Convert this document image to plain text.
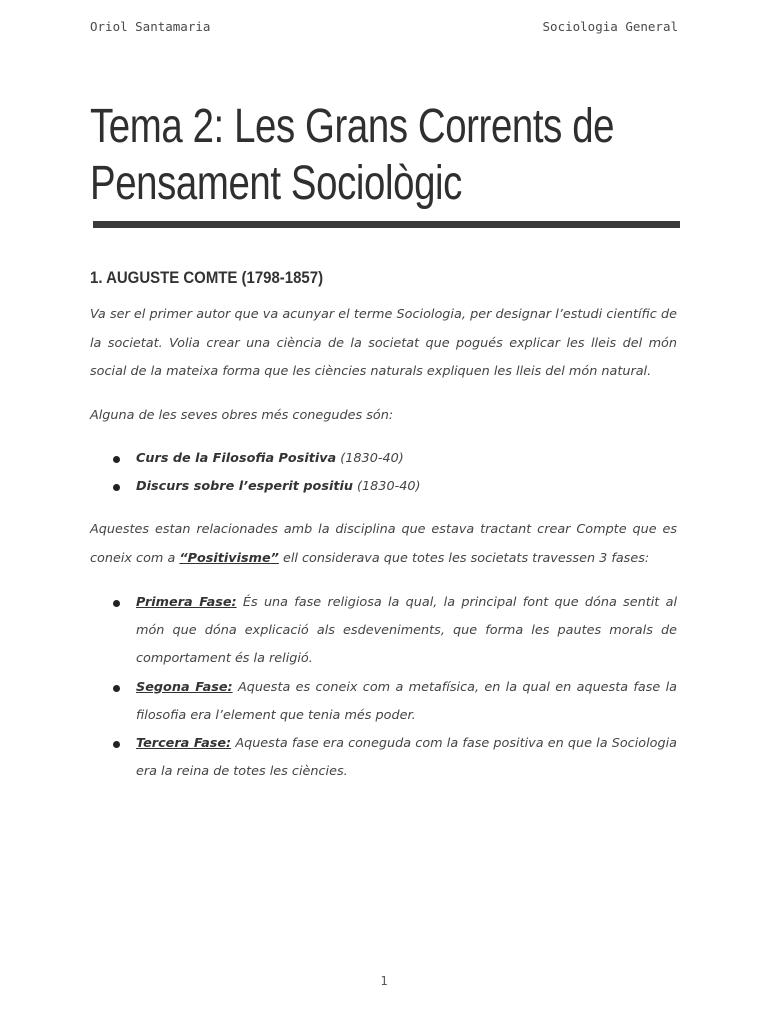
Oriol Santamaria	Sociologia General
Tema 2: Les Grans Corrents de
Pensament Sociològic
1. AUGUSTE COMTE (1798-1857)

Va ser el primer autor que va acunyar el terme Sociologia, per designar l’estudi científic de la societat. Volia crear una ciència de la societat que pogués explicar les lleis del món social de la mateixa forma que les ciències naturals expliquen les lleis del món natural.

Alguna de les seves obres més conegudes són:

Curs de la Filosofia Positiva (1830-40)
Discurs sobre l’esperit positiu (1830-40)

Aquestes estan relacionades amb la disciplina que estava tractant crear Compte que es coneix com a “Positivisme” ell considerava que totes les societats travessen 3 fases:

Primera Fase: És una fase religiosa la qual, la principal font que dóna sentit al món que dóna explicació als esdeveniments, que forma les pautes morals de comportament és la religió.
Segona Fase: Aquesta es coneix com a metafísica, en la qual en aquesta fase la filosofia era l’element que tenia més poder.
Tercera Fase: Aquesta fase era coneguda com la fase positiva en que la Sociologia era la reina de totes les ciències.
1
